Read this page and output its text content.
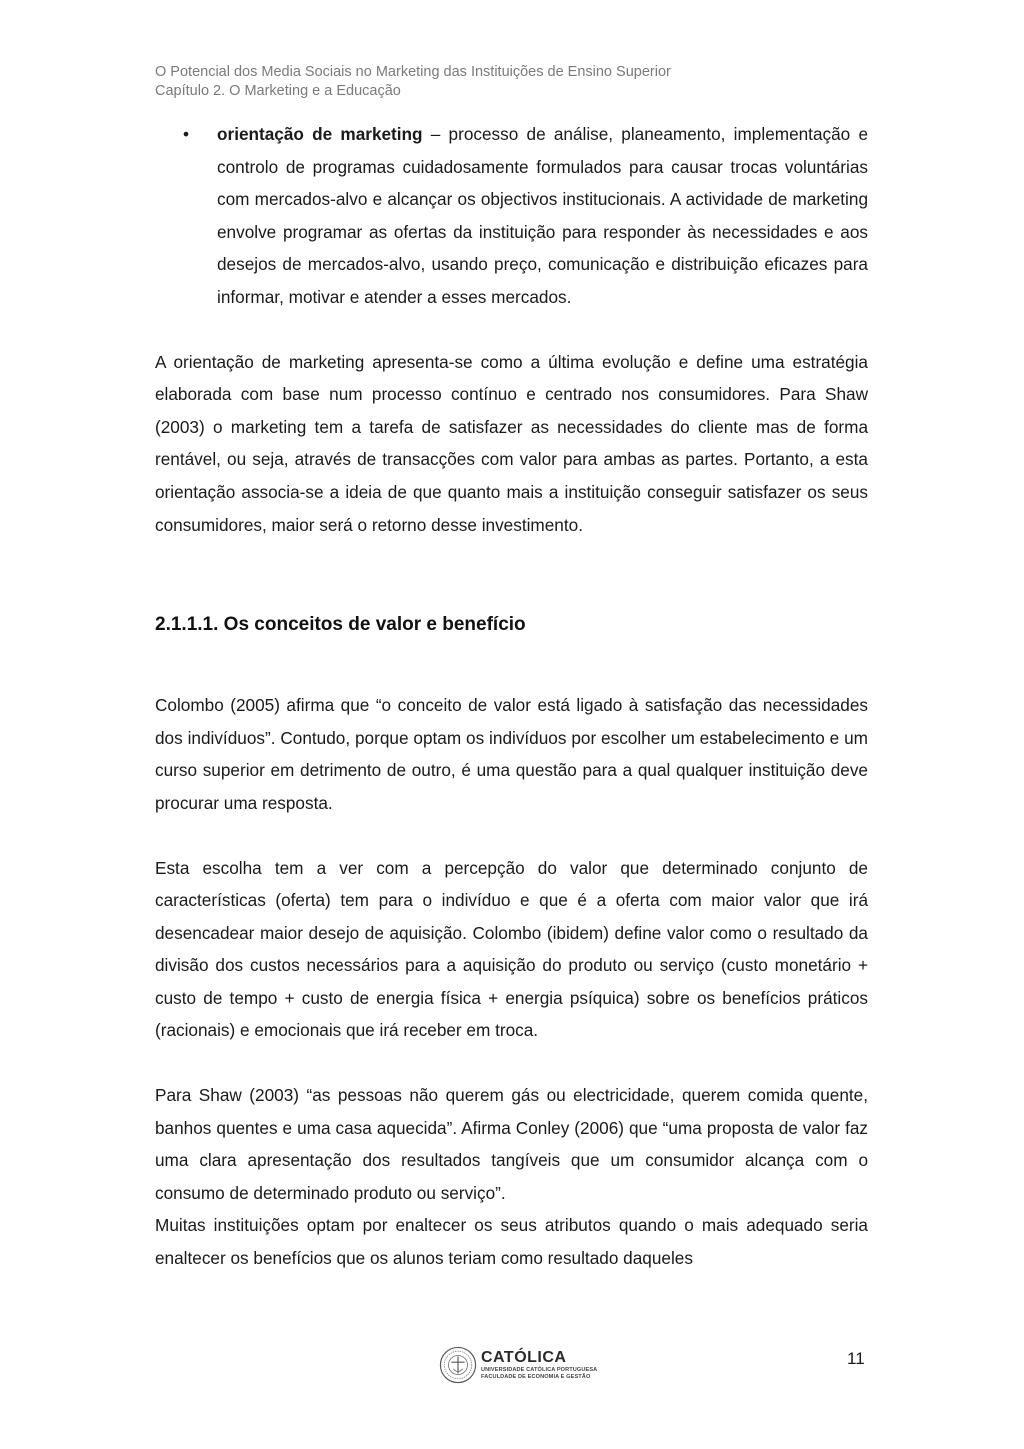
O Potencial dos Media Sociais no Marketing das Instituições de Ensino Superior
Capítulo 2. O Marketing e a Educação

• orientação de marketing – processo de análise, planeamento, implementação e controlo de programas cuidadosamente formulados para causar trocas voluntárias com mercados-alvo e alcançar os objectivos institucionais. A actividade de marketing envolve programar as ofertas da instituição para responder às necessidades e aos desejos de mercados-alvo, usando preço, comunicação e distribuição eficazes para informar, motivar e atender a esses mercados.

A orientação de marketing apresenta-se como a última evolução e define uma estratégia elaborada com base num processo contínuo e centrado nos consumidores. Para Shaw (2003) o marketing tem a tarefa de satisfazer as necessidades do cliente mas de forma rentável, ou seja, através de transacções com valor para ambas as partes. Portanto, a esta orientação associa-se a ideia de que quanto mais a instituição conseguir satisfazer os seus consumidores, maior será o retorno desse investimento.

2.1.1.1. Os conceitos de valor e benefício

Colombo (2005) afirma que “o conceito de valor está ligado à satisfação das necessidades dos indivíduos”. Contudo, porque optam os indivíduos por escolher um estabelecimento e um curso superior em detrimento de outro, é uma questão para a qual qualquer instituição deve procurar uma resposta.

Esta escolha tem a ver com a percepção do valor que determinado conjunto de características (oferta) tem para o indivíduo e que é a oferta com maior valor que irá desencadear maior desejo de aquisição. Colombo (ibidem) define valor como o resultado da divisão dos custos necessários para a aquisição do produto ou serviço (custo monetário + custo de tempo + custo de energia física + energia psíquica) sobre os benefícios práticos (racionais) e emocionais que irá receber em troca.

Para Shaw (2003) “as pessoas não querem gás ou electricidade, querem comida quente, banhos quentes e uma casa aquecida”. Afirma Conley (2006) que “uma proposta de valor faz uma clara apresentação dos resultados tangíveis que um consumidor alcança com o consumo de determinado produto ou serviço”.

Muitas instituições optam por enaltecer os seus atributos quando o mais adequado seria enaltecer os benefícios que os alunos teriam como resultado daqueles

CATÓLICA
UNIVERSIDADE CATÓLICA PORTUGUESA
FACULDADE DE ECONOMIA E GESTÃO
11
